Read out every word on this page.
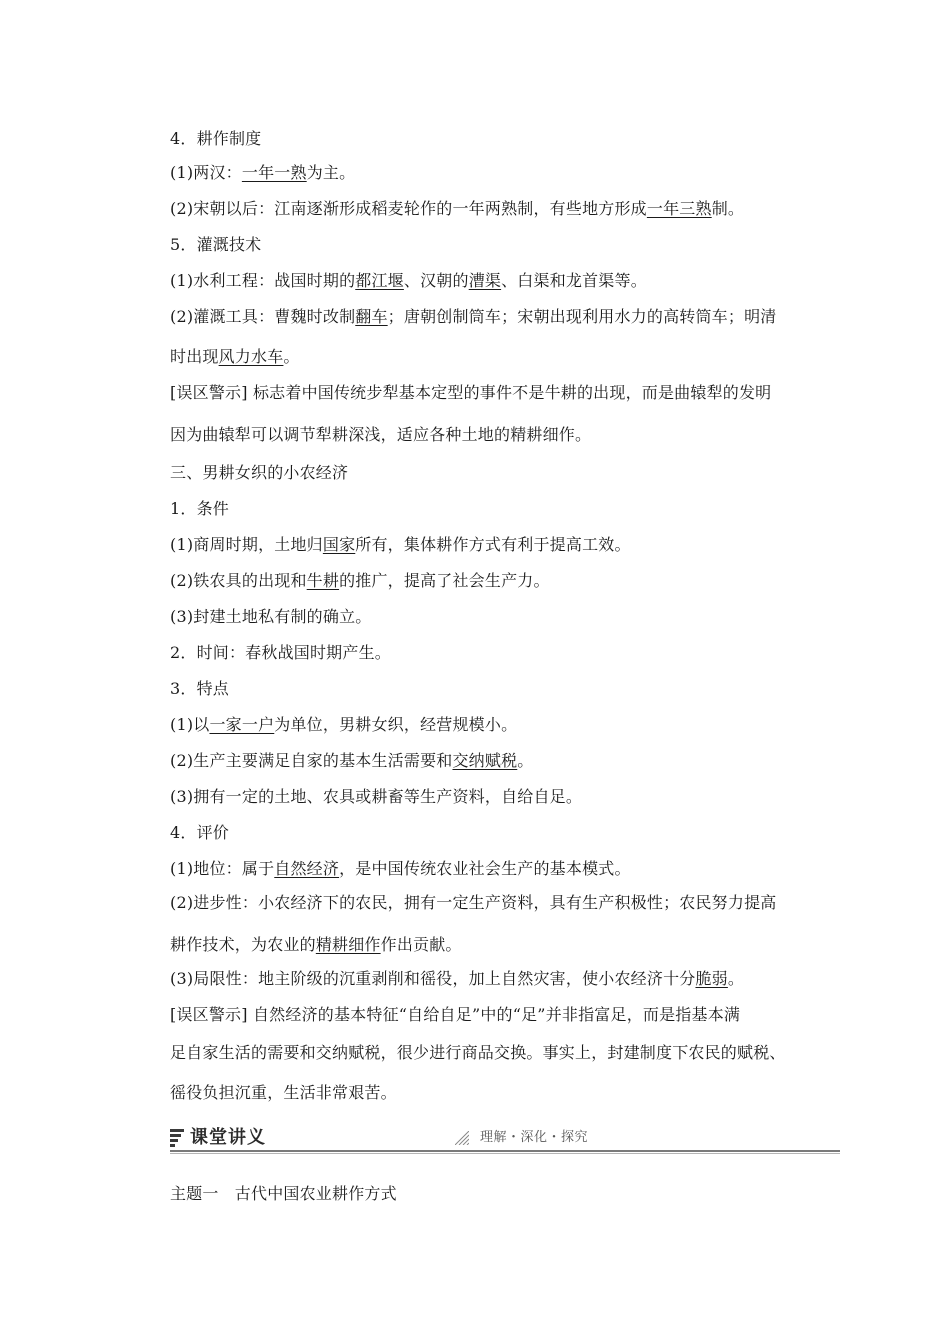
4．耕作制度
(1)两汉：一年一熟为主。
(2)宋朝以后：江南逐渐形成稻麦轮作的一年两熟制，有些地方形成一年三熟制。
5．灌溉技术
(1)水利工程：战国时期的都江堰、汉朝的漕渠、白渠和龙首渠等。
(2)灌溉工具：曹魏时改制翻车；唐朝创制筒车；宋朝出现利用水力的高转筒车；明清
时出现风力水车。
[误区警示] 标志着中国传统步犁基本定型的事件不是牛耕的出现，而是曲辕犁的发明
因为曲辕犁可以调节犁耕深浅，适应各种土地的精耕细作。
三、男耕女织的小农经济
1．条件
(1)商周时期，土地归国家所有，集体耕作方式有利于提高工效。
(2)铁农具的出现和牛耕的推广，提高了社会生产力。
(3)封建土地私有制的确立。
2．时间：春秋战国时期产生。
3．特点
(1)以一家一户为单位，男耕女织，经营规模小。
(2)生产主要满足自家的基本生活需要和交纳赋税。
(3)拥有一定的土地、农具或耕畜等生产资料，自给自足。
4．评价
(1)地位：属于自然经济，是中国传统农业社会生产的基本模式。
(2)进步性：小农经济下的农民，拥有一定生产资料，具有生产积极性；农民努力提高
耕作技术，为农业的精耕细作作出贡献。
(3)局限性：地主阶级的沉重剥削和徭役，加上自然灾害，使小农经济十分脆弱。
[误区警示] 自然经济的基本特征“自给自足”中的“足”并非指富足，而是指基本满
足自家生活的需要和交纳赋税，很少进行商品交换。事实上，封建制度下农民的赋税、
徭役负担沉重，生活非常艰苦。
课堂讲义	理解・深化・探究
主题一　古代中国农业耕作方式
